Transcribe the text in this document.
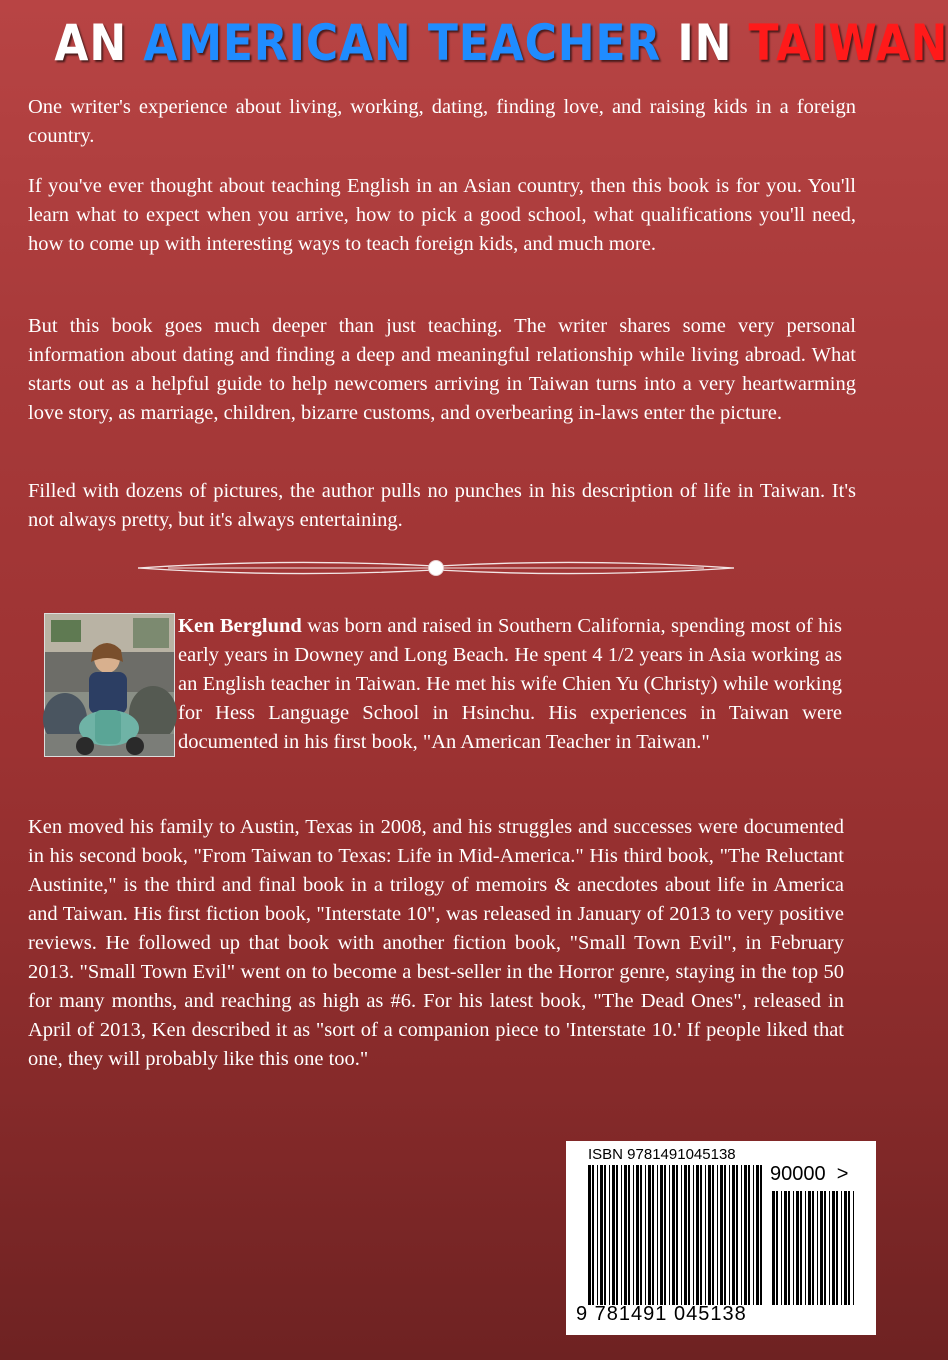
AN AMERICAN TEACHER IN TAIWAN

One writer's experience about living, working, dating, finding love, and raising kids in a foreign country.

If you've ever thought about teaching English in an Asian country, then this book is for you. You'll learn what to expect when you arrive, how to pick a good school, what qualifications you'll need, how to come up with interesting ways to teach foreign kids, and much more.

But this book goes much deeper than just teaching. The writer shares some very personal information about dating and finding a deep and meaningful relationship while living abroad. What starts out as a helpful guide to help newcomers arriving in Taiwan turns into a very heartwarming love story, as marriage, children, bizarre customs, and overbearing in-laws enter the picture.

Filled with dozens of pictures, the author pulls no punches in his description of life in Taiwan. It's not always pretty, but it's always entertaining.

Ken Berglund was born and raised in Southern California, spending most of his early years in Downey and Long Beach. He spent 4 1/2 years in Asia working as an English teacher in Taiwan. He met his wife Chien Yu (Christy) while working for Hess Language School in Hsinchu. His experiences in Taiwan were documented in his first book, "An American Teacher in Taiwan."

Ken moved his family to Austin, Texas in 2008, and his struggles and successes were documented in his second book, "From Taiwan to Texas: Life in Mid-America." His third book, "The Reluctant Austinite," is the third and final book in a trilogy of memoirs & anecdotes about life in America and Taiwan. His first fiction book, "Interstate 10", was released in January of 2013 to very positive reviews. He followed up that book with another fiction book, "Small Town Evil", in February 2013. "Small Town Evil" went on to become a best-seller in the Horror genre, staying in the top 50 for many months, and reaching as high as #6. For his latest book, "The Dead Ones", released in April of 2013, Ken described it as "sort of a companion piece to 'Interstate 10.' If people liked that one, they will probably like this one too."

ISBN 9781491045138
90000 >
9 781491 045138
